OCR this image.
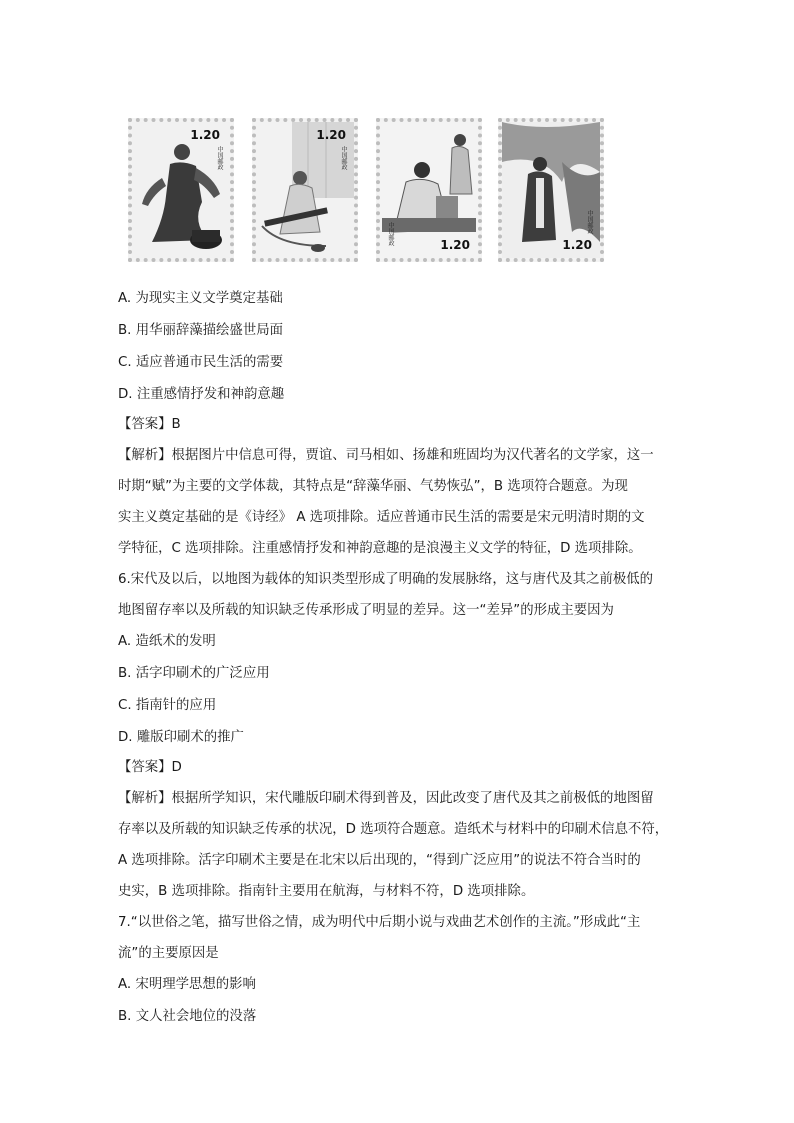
1.20
中国邮政
1.20
中国邮政
1.20
中国邮政	1.20
中国邮政
A. 为现实主义文学奠定基础
B. 用华丽辞藻描绘盛世局面
C. 适应普通市民生活的需要
D. 注重感情抒发和神韵意趣
【答案】B
【解析】根据图片中信息可得，贾谊、司马相如、扬雄和班固均为汉代著名的文学家，这一
时期“赋”为主要的文学体裁，其特点是“辞藻华丽、气势恢弘”，B 选项符合题意。为现
实主义奠定基础的是《诗经》 A 选项排除。适应普通市民生活的需要是宋元明清时期的文
学特征，C 选项排除。注重感情抒发和神韵意趣的是浪漫主义文学的特征，D 选项排除。
6.宋代及以后，以地图为载体的知识类型形成了明确的发展脉络，这与唐代及其之前极低的
地图留存率以及所载的知识缺乏传承形成了明显的差异。这一“差异”的形成主要因为
A. 造纸术的发明
B. 活字印刷术的广泛应用
C. 指南针的应用
D. 雕版印刷术的推广
【答案】D
【解析】根据所学知识，宋代雕版印刷术得到普及，因此改变了唐代及其之前极低的地图留
存率以及所载的知识缺乏传承的状况，D 选项符合题意。造纸术与材料中的印刷术信息不符，
A 选项排除。活字印刷术主要是在北宋以后出现的，“得到广泛应用”的说法不符合当时的
史实，B 选项排除。指南针主要用在航海，与材料不符，D 选项排除。
7.“以世俗之笔，描写世俗之情，成为明代中后期小说与戏曲艺术创作的主流。”形成此“主
流”的主要原因是
A. 宋明理学思想的影响
B. 文人社会地位的没落
